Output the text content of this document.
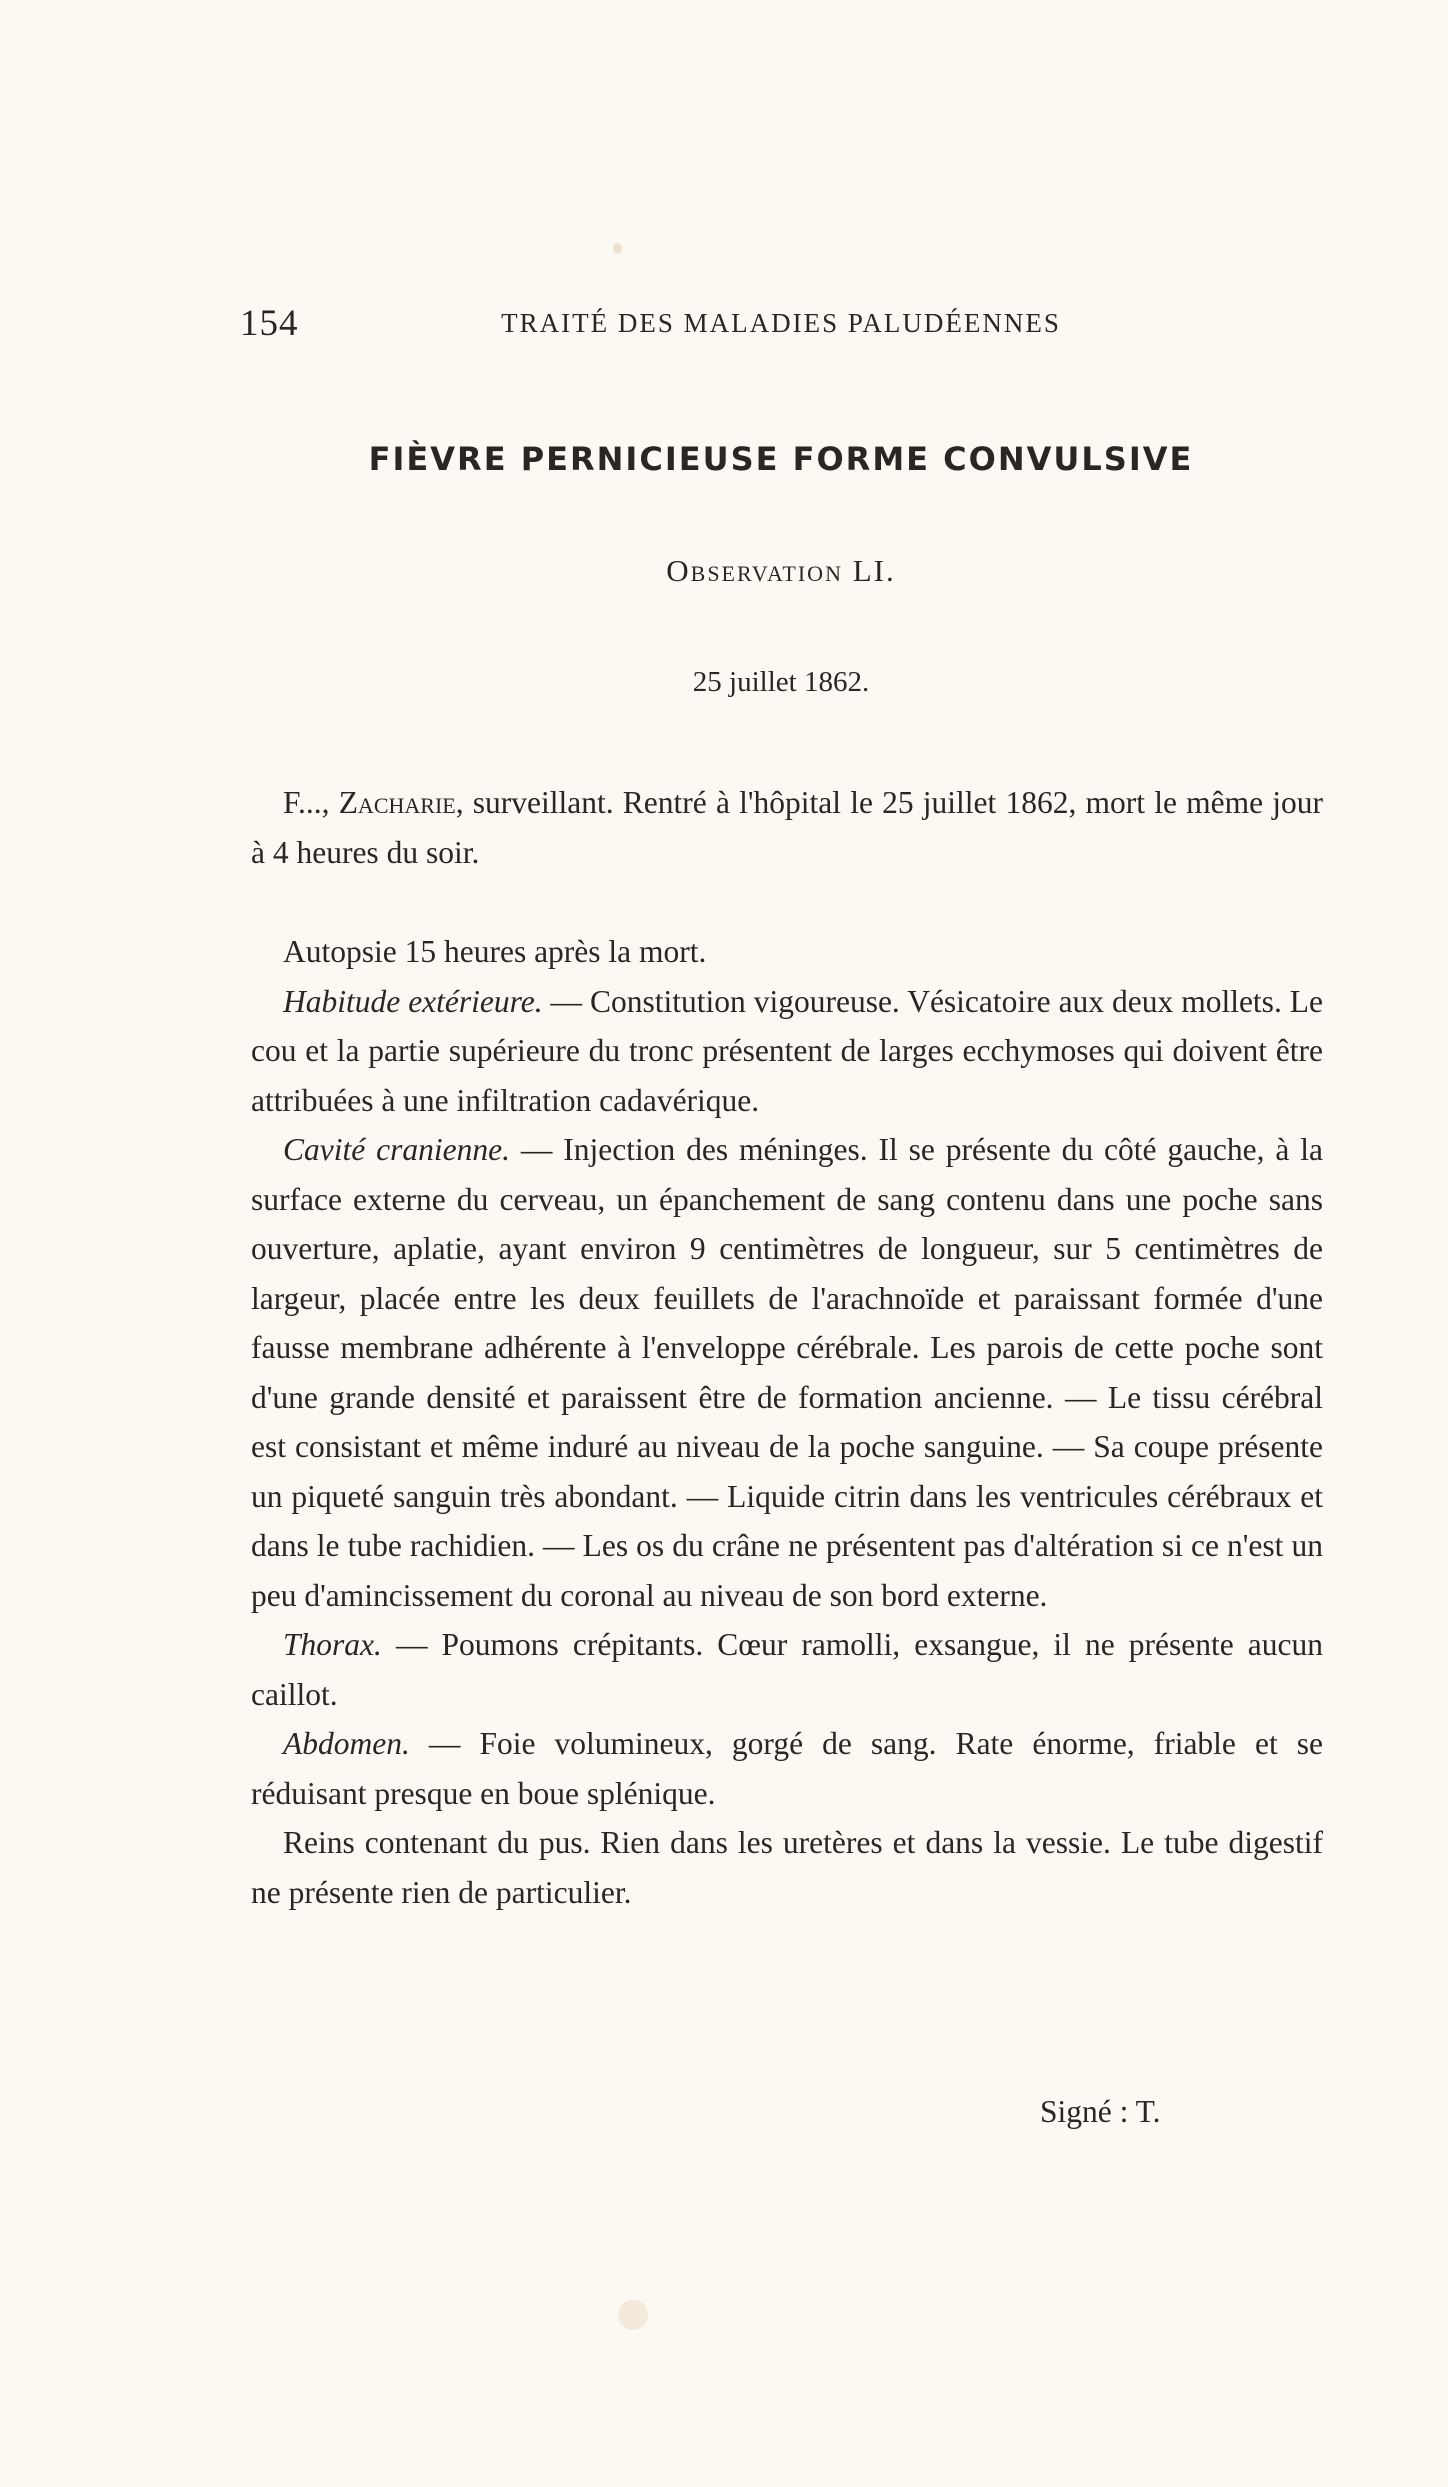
154	TRAITÉ DES MALADIES PALUDÉENNES
FIÈVRE PERNICIEUSE FORME CONVULSIVE
Observation LI.
25 juillet 1862.

F..., Zacharie, surveillant. Rentré à l'hôpital le 25 juillet 1862, mort le même jour à 4 heures du soir.

Autopsie 15 heures après la mort.

Habitude extérieure. — Constitution vigoureuse. Vésicatoire aux deux mollets. Le cou et la partie supérieure du tronc présentent de larges ecchymoses qui doivent être attribuées à une infiltration cadavérique.

Cavité cranienne. — Injection des méninges. Il se présente du côté gauche, à la surface externe du cerveau, un épanchement de sang contenu dans une poche sans ouverture, aplatie, ayant environ 9 centimètres de longueur, sur 5 centimètres de largeur, placée entre les deux feuillets de l'arachnoïde et paraissant formée d'une fausse membrane adhérente à l'enveloppe cérébrale. Les parois de cette poche sont d'une grande densité et paraissent être de formation ancienne. — Le tissu cérébral est consistant et même induré au niveau de la poche sanguine. — Sa coupe présente un piqueté sanguin très abondant. — Liquide citrin dans les ventricules cérébraux et dans le tube rachidien. — Les os du crâne ne présentent pas d'altération si ce n'est un peu d'amincissement du coronal au niveau de son bord externe.

Thorax. — Poumons crépitants. Cœur ramolli, exsangue, il ne présente aucun caillot.

Abdomen. — Foie volumineux, gorgé de sang. Rate énorme, friable et se réduisant presque en boue splénique.

Reins contenant du pus. Rien dans les uretères et dans la vessie. Le tube digestif ne présente rien de particulier.

Signé : T.
